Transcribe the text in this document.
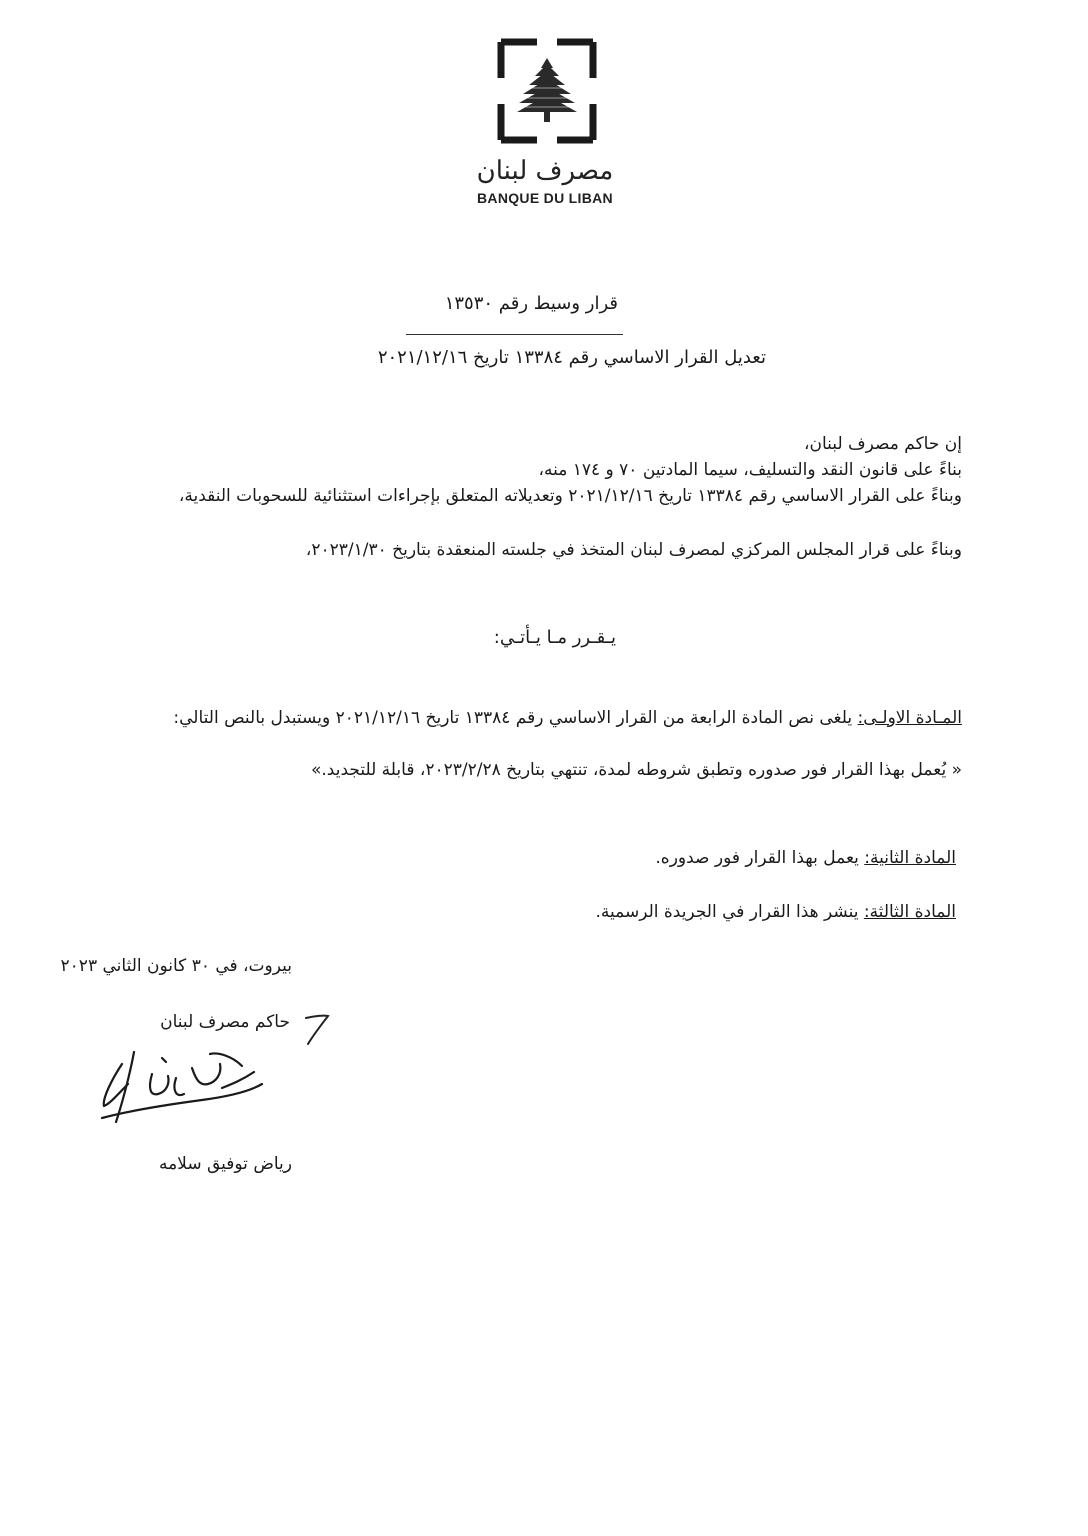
مصرف لبنان
BANQUE DU LIBAN
قرار وسيط رقم ١٣٥٣٠
تعديل القرار الاساسي رقم ١٣٣٨٤ تاريخ ٢٠٢١/١٢/١٦
إن حاكم مصرف لبنان،
بناءً على قانون النقد والتسليف، سيما المادتين ٧٠ و ١٧٤ منه،
وبناءً على القرار الاساسي رقم ١٣٣٨٤ تاريخ ٢٠٢١/١٢/١٦ وتعديلاته المتعلق بإجراءات استثنائية للسحوبات النقدية،
وبناءً على قرار المجلس المركزي لمصرف لبنان المتخذ في جلسته المنعقدة بتاريخ ٢٠٢٣/١/٣٠،
يـقـرر مـا يـأتـي:
المـادة الاولـى: يلغى نص المادة الرابعة من القرار الاساسي رقم ١٣٣٨٤ تاريخ ٢٠٢١/١٢/١٦ ويستبدل بالنص التالي:
« يُعمل بهذا القرار فور صدوره وتطبق شروطه لمدة، تنتهي بتاريخ ٢٠٢٣/٢/٢٨، قابلة للتجديد.»
المادة الثانية: يعمل بهذا القرار فور صدوره.
المادة الثالثة: ينشر هذا القرار في الجريدة الرسمية.
بيروت، في ٣٠ كانون الثاني ٢٠٢٣
حاكم مصرف لبنان
رياض توفيق سلامه
